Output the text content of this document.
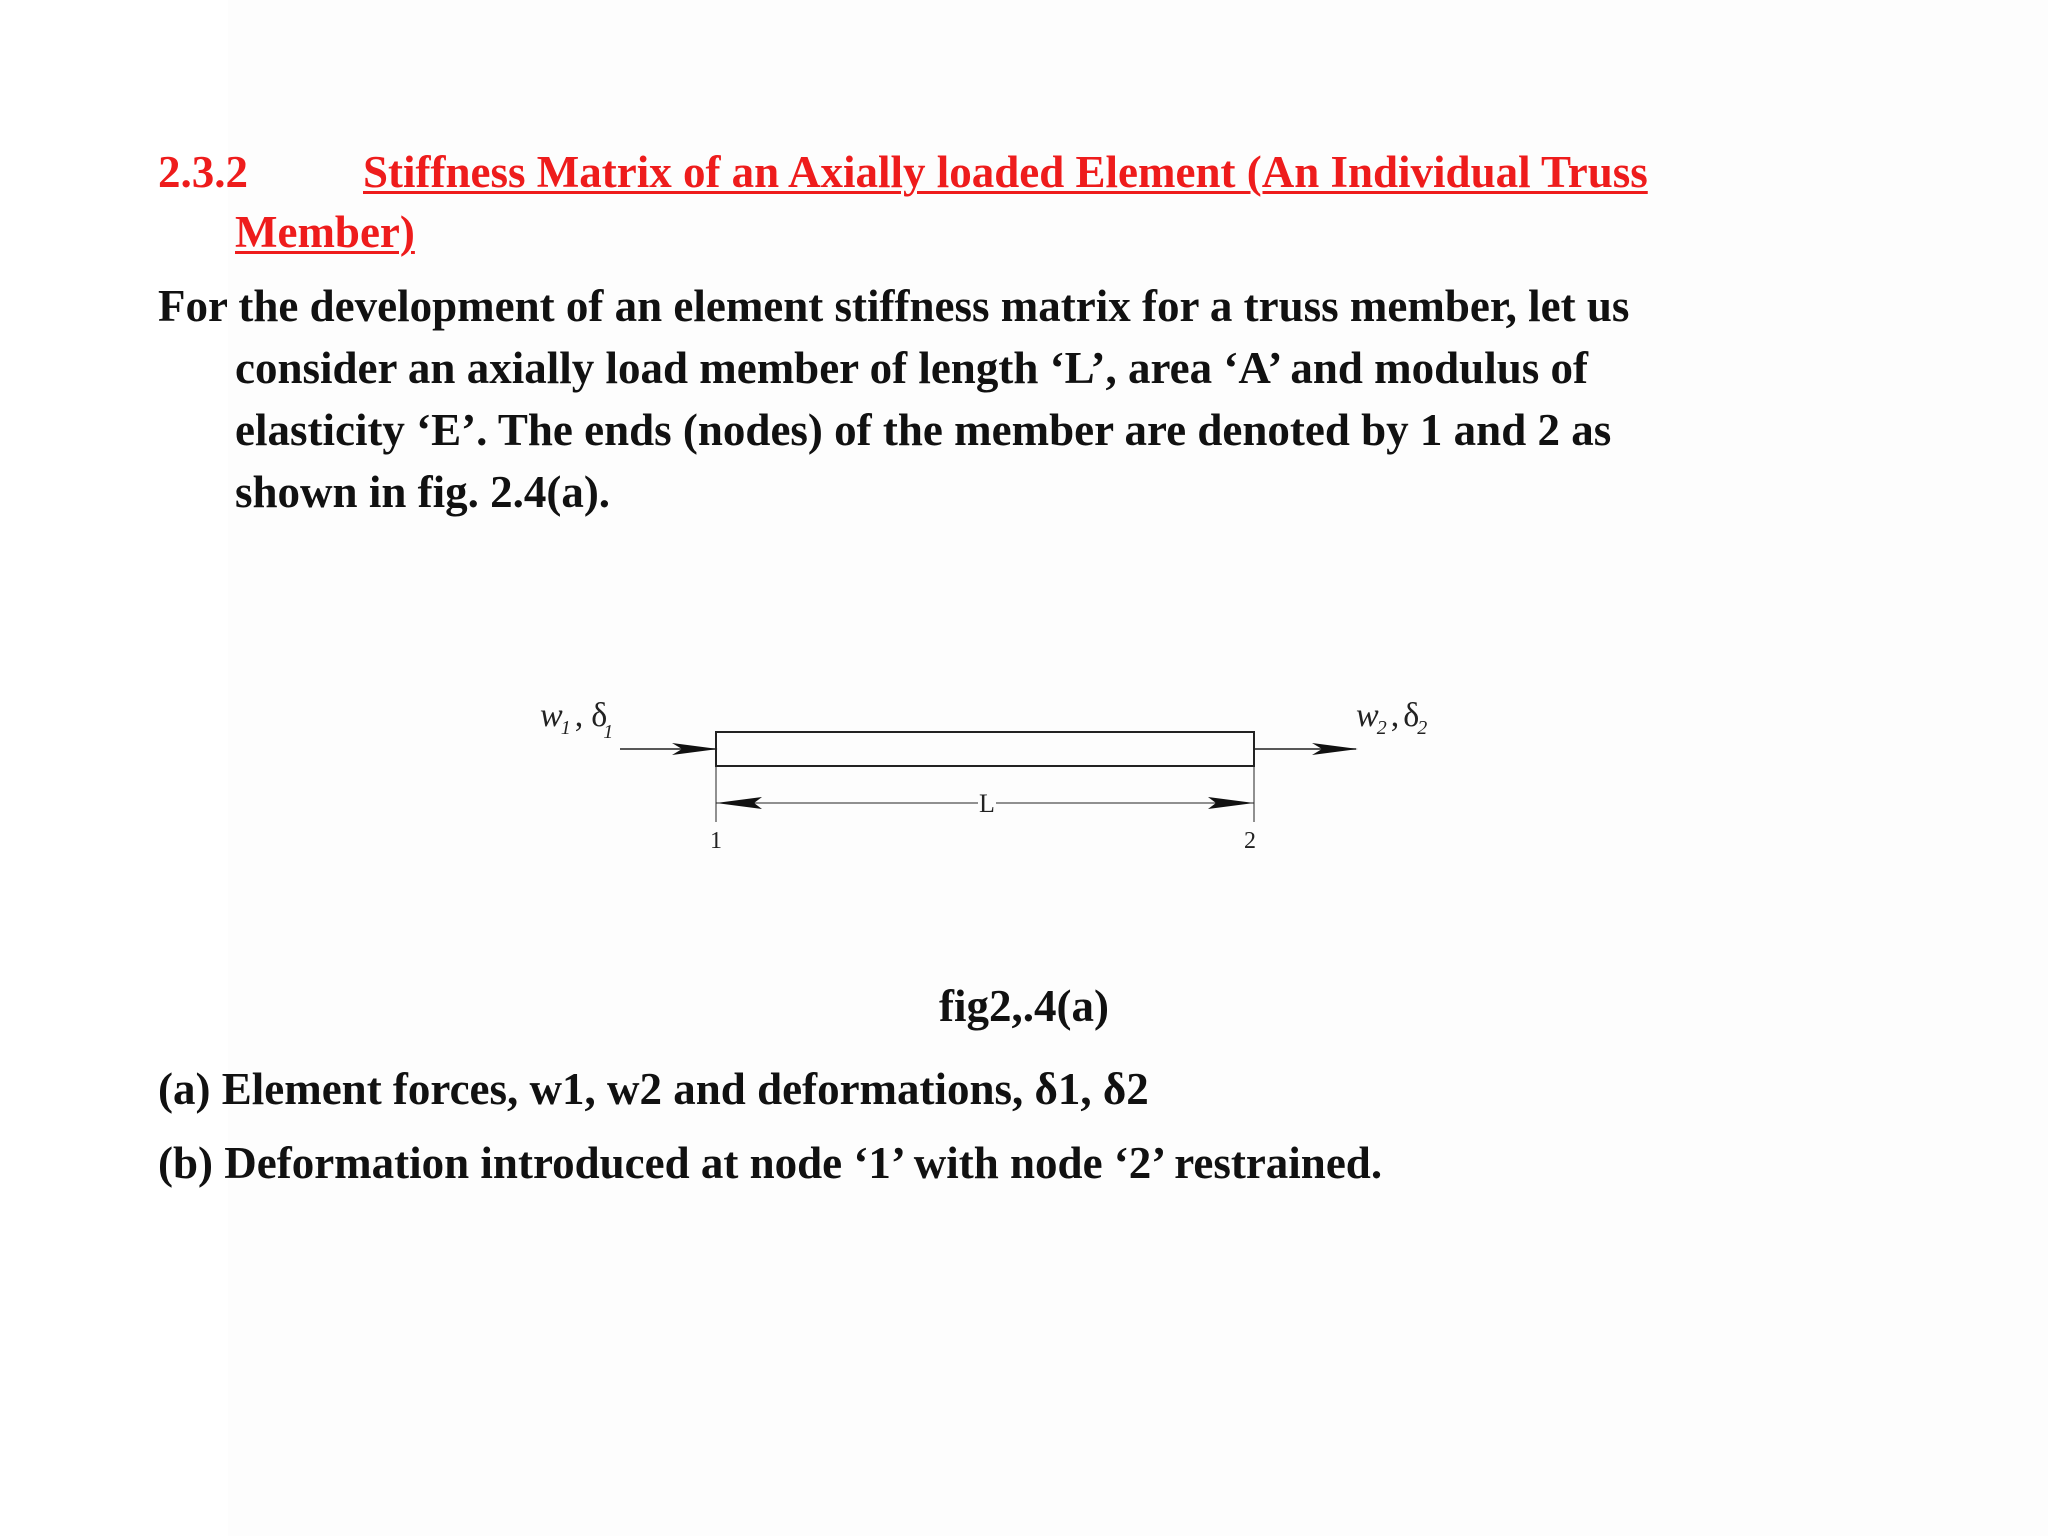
2.3.2	Stiffness Matrix of an Axially loaded Element (An Individual Truss
Member)
For the development of an element stiffness matrix for a truss member, let us
consider an axially load member of length ‘L’, area ‘A’ and modulus of
elasticity ‘E’. The ends (nodes) of the member are denoted by 1 and 2 as
shown in fig. 2.4(a).
w1 , δ1	w2 , δ2
L
1	2
fig2,.4(a)
(a) Element forces, w1, w2 and deformations, δ1, δ2
(b) Deformation introduced at node ‘1’ with node ‘2’ restrained.
